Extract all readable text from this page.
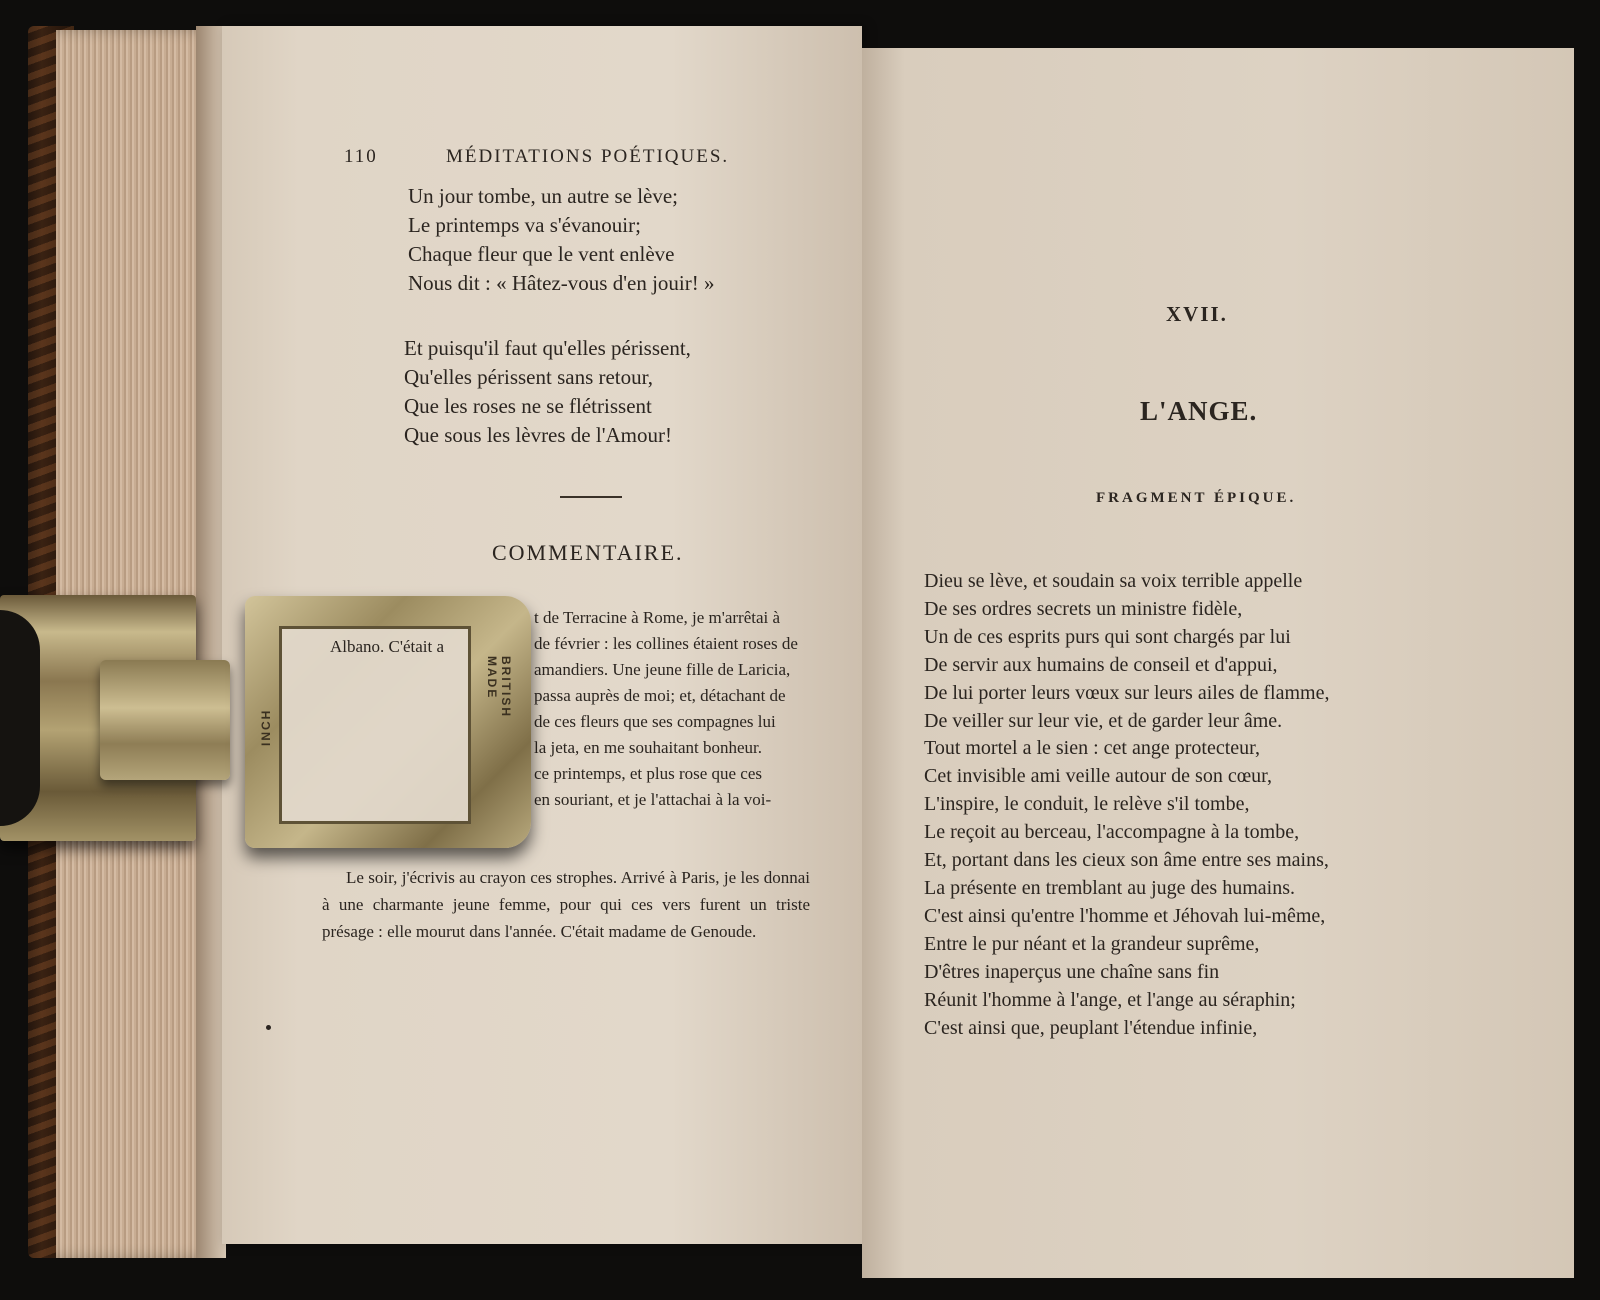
110	MÉDITATIONS POÉTIQUES.

Un jour tombe, un autre se lève;
Le printemps va s'évanouir;
Chaque fleur que le vent enlève
Nous dit : « Hâtez-vous d'en jouir! »
Et puisqu'il faut qu'elles périssent,
Qu'elles périssent sans retour,
Que les roses ne se flétrissent
Que sous les lèvres de l'Amour!

COMMENTAIRE.

t de Terracine à Rome, je m'arrêtai à
de février : les collines étaient roses de
amandiers. Une jeune fille de Laricia,
passa auprès de moi; et, détachant de
de ces fleurs que ses compagnes lui
la jeta, en me souhaitant bonheur.
ce printemps, et plus rose que ces
en souriant, et je l'attachai à la voi-

Le soir, j'écrivis au crayon ces strophes. Arrivé à Paris, je les donnai à une charmante jeune femme, pour qui ces vers furent un triste présage : elle mourut dans l'année. C'était madame de Genoude.

XVII.

L'ANGE.

FRAGMENT ÉPIQUE.

Dieu se lève, et soudain sa voix terrible appelle
De ses ordres secrets un ministre fidèle,
Un de ces esprits purs qui sont chargés par lui
De servir aux humains de conseil et d'appui,
De lui porter leurs vœux sur leurs ailes de flamme,
De veiller sur leur vie, et de garder leur âme.
Tout mortel a le sien : cet ange protecteur,
Cet invisible ami veille autour de son cœur,
L'inspire, le conduit, le relève s'il tombe,
Le reçoit au berceau, l'accompagne à la tombe,
Et, portant dans les cieux son âme entre ses mains,
La présente en tremblant au juge des humains.
C'est ainsi qu'entre l'homme et Jéhovah lui-même,
Entre le pur néant et la grandeur suprême,
D'êtres inaperçus une chaîne sans fin
Réunit l'homme à l'ange, et l'ange au séraphin;
C'est ainsi que, peuplant l'étendue infinie,
INCH
BRITISH MADE

Albano. C'était a
